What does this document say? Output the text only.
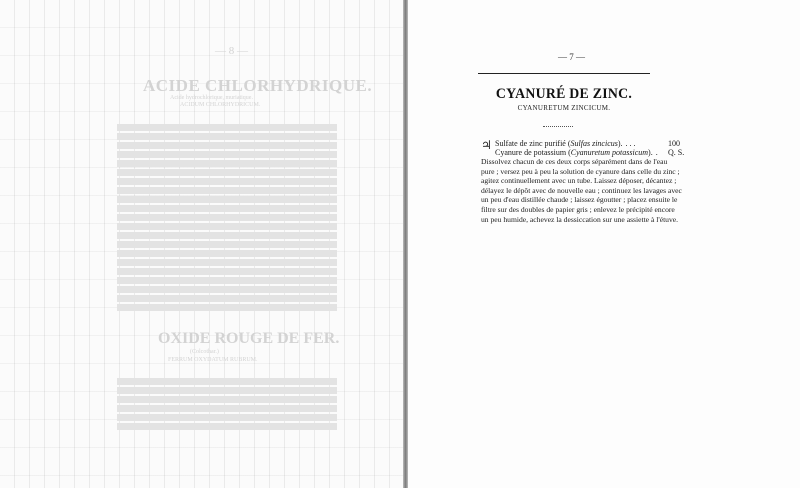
— 8 —
ACIDE CHLORHYDRIQUE.
Acide hydrochlorique, muriatique.
ACIDUM CHLORHYDRICUM.
OXIDE ROUGE DE FER.
(Colcothar.)
FERRUM OXYDATUM RUBRUM.
— 7 —
CYANURÉ DE ZINC.
CYANURETUM ZINCICUM.
♃ Sulfate de zinc purifié (Sulfas zincicus). . . .	100
Cyanure de potassium (Cyanuretum potassicum). . Q. S.
Dissolvez chacun de ces deux corps séparément dans de l'eau
pure ; versez peu à peu la solution de cyanure dans celle du zinc ;
agitez continuellement avec un tube. Laissez déposer, décantez ;
délayez le dépôt avec de nouvelle eau ; continuez les lavages avec
un peu d'eau distillée chaude ; laissez égoutter ; placez ensuite le
filtre sur des doubles de papier gris ; enlevez le précipité encore
un peu humide, achevez la dessiccation sur une assiette à l'étuve.
